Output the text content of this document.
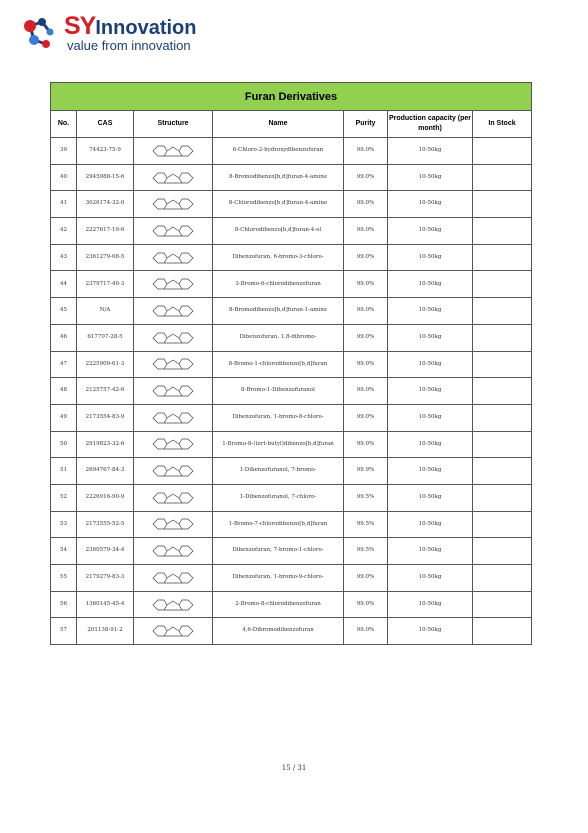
SYInnovation
value from innovation
Furan Derivatives						
No.	CAS	Structure	Name	Purity	Production capacity (per month)	In Stock
39	74423-75-9		6-Chloro-2-hydroxydibenzofuran	99.0%	10-50kg	
40	2945988-15-6		8-Bromodibenzo[b,d]furan-4-amine	99.0%	10-50kg	
41	3026174-32-0		8-Chlorodibenzo[b,d]furan-4-amine	99.0%	10-50kg	
42	2227617-19-6		8-Chlorodibenzo[b,d]furan-4-ol	99.0%	10-50kg	
43	2361279-68-5		Dibenzofuran, 6-bromo-3-chloro-	99.0%	10-50kg	
44	2379717-40-3		3-Bromo-6-chlorodibenzofuran	99.0%	10-50kg	
45	N/A		8-Bromodibenzo[b,d]furan-1-amine	99.0%	10-50kg	
46	617707-28-5		Dibenzofuran, 1,8-dibromo-	99.0%	10-50kg	
47	2225909-61-3		8-Bromo-1-chlorodibenzo[b,d]furan	99.0%	10-50kg	
48	2125757-42-6		8-Bromo-1-Dibenzofuranol	99.0%	10-50kg	
49	2173554-83-9		Dibenzofuran, 1-bromo-8-chloro-	99.0%	10-50kg	
50	2919823-32-6		1-Bromo-8-(tert-butyl)dibenzo[b,d]furan	99.0%	10-50kg	
51	2694767-84-3		1-Dibenzofuranol, 7-bromo-	99.9%	10-50kg	
52	2226916-90-9		1-Dibenzofuranol, 7-chloro-	99.5%	10-50kg	
53	2173555-52-5		1-Bromo-7-chlorodibenzo[b,d]furan	99.5%	10-50kg	
54	2360579-34-4		Dibenzofuran, 7-bromo-1-chloro-	99.5%	10-50kg	
55	2179279-83-3		Dibenzofuran, 1-bromo-9-chloro-	99.0%	10-50kg	
56	1360145-45-4		2-Bromo-8-chlorodibenzofuran	99.0%	10-50kg	
57	201138-91-2		4,6-Dibromodibenzofuran	99.0%	10-50kg	
15 / 31
